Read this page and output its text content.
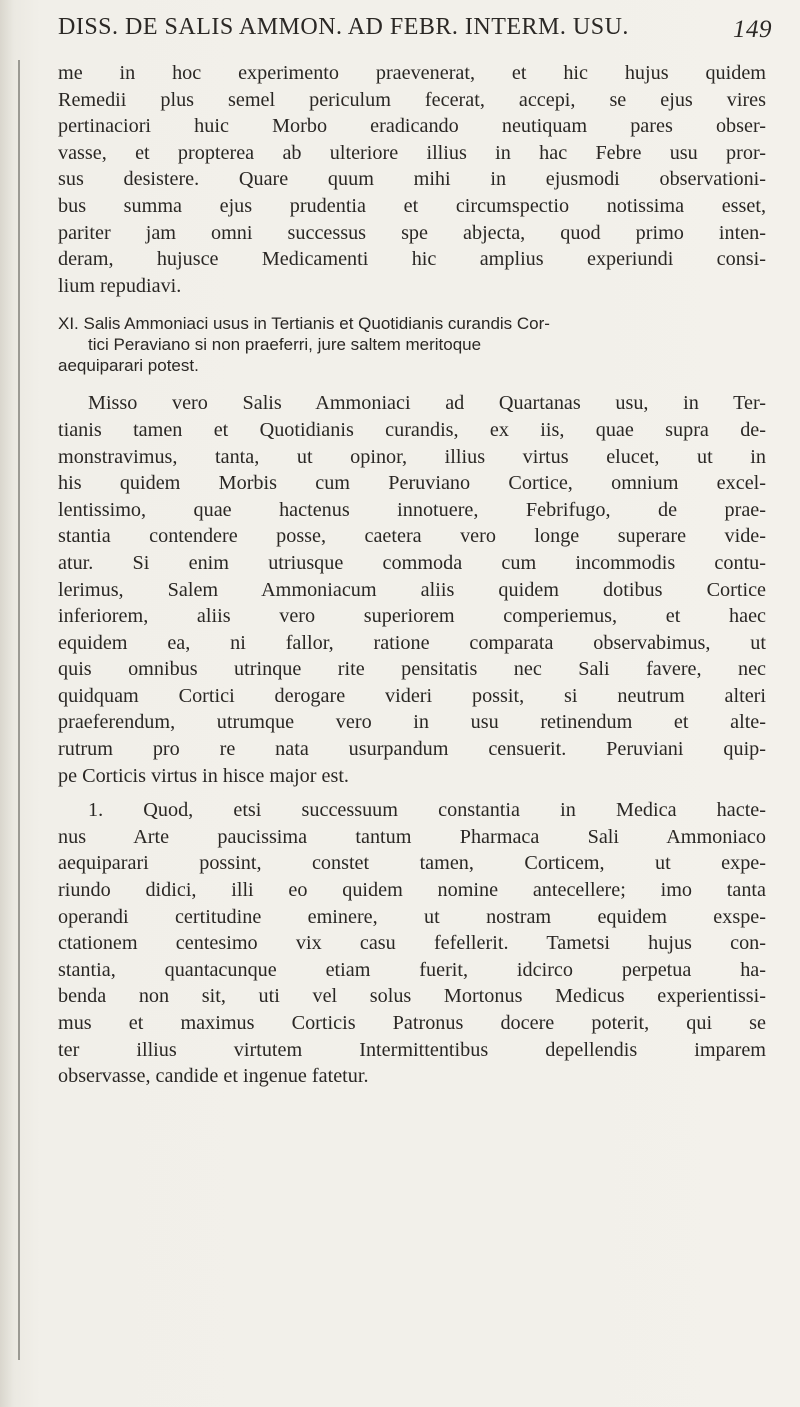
DISS. DE SALIS AMMON. AD FEBR. INTERM. USU.	149

me in hoc experimento praevenerat, et hic hujus quidem
Remedii plus semel periculum fecerat, accepi, se ejus vires
pertinaciori huic Morbo eradicando neutiquam pares obser-
vasse, et propterea ab ulteriore illius in hac Febre usu pror-
sus desistere. Quare quum mihi in ejusmodi observationi-
bus summa ejus prudentia et circumspectio notissima esset,
pariter jam omni successus spe abjecta, quod primo inten-
deram, hujusce Medicamenti hic amplius experiundi consi-
lium repudiavi.

XI. Salis Ammoniaci usus in Tertianis et Quotidianis curandis Cor-
tici Peraviano si non praeferri, jure saltem meritoque
aequiparari potest.

Misso vero Salis Ammoniaci ad Quartanas usu, in Ter-
tianis tamen et Quotidianis curandis, ex iis, quae supra de-
monstravimus, tanta, ut opinor, illius virtus elucet, ut in
his quidem Morbis cum Peruviano Cortice, omnium excel-
lentissimo, quae hactenus innotuere, Febrifugo, de prae-
stantia contendere posse, caetera vero longe superare vide-
atur. Si enim utriusque commoda cum incommodis contu-
lerimus, Salem Ammoniacum aliis quidem dotibus Cortice
inferiorem, aliis vero superiorem comperiemus, et haec
equidem ea, ni fallor, ratione comparata observabimus, ut
quis omnibus utrinque rite pensitatis nec Sali favere, nec
quidquam Cortici derogare videri possit, si neutrum alteri
praeferendum, utrumque vero in usu retinendum et alte-
rutrum pro re nata usurpandum censuerit. Peruviani quip-
pe Corticis virtus in hisce major est.

1. Quod, etsi successuum constantia in Medica hacte-
nus Arte paucissima tantum Pharmaca Sali Ammoniaco
aequiparari possint, constet tamen, Corticem, ut expe-
riundo didici, illi eo quidem nomine antecellere; imo tanta
operandi certitudine eminere, ut nostram equidem exspe-
ctationem centesimo vix casu fefellerit. Tametsi hujus con-
stantia, quantacunque etiam fuerit, idcirco perpetua ha-
benda non sit, uti vel solus Mortonus Medicus experientissi-
mus et maximus Corticis Patronus docere poterit, qui se
ter illius virtutem Intermittentibus depellendis imparem
observasse, candide et ingenue fatetur.
